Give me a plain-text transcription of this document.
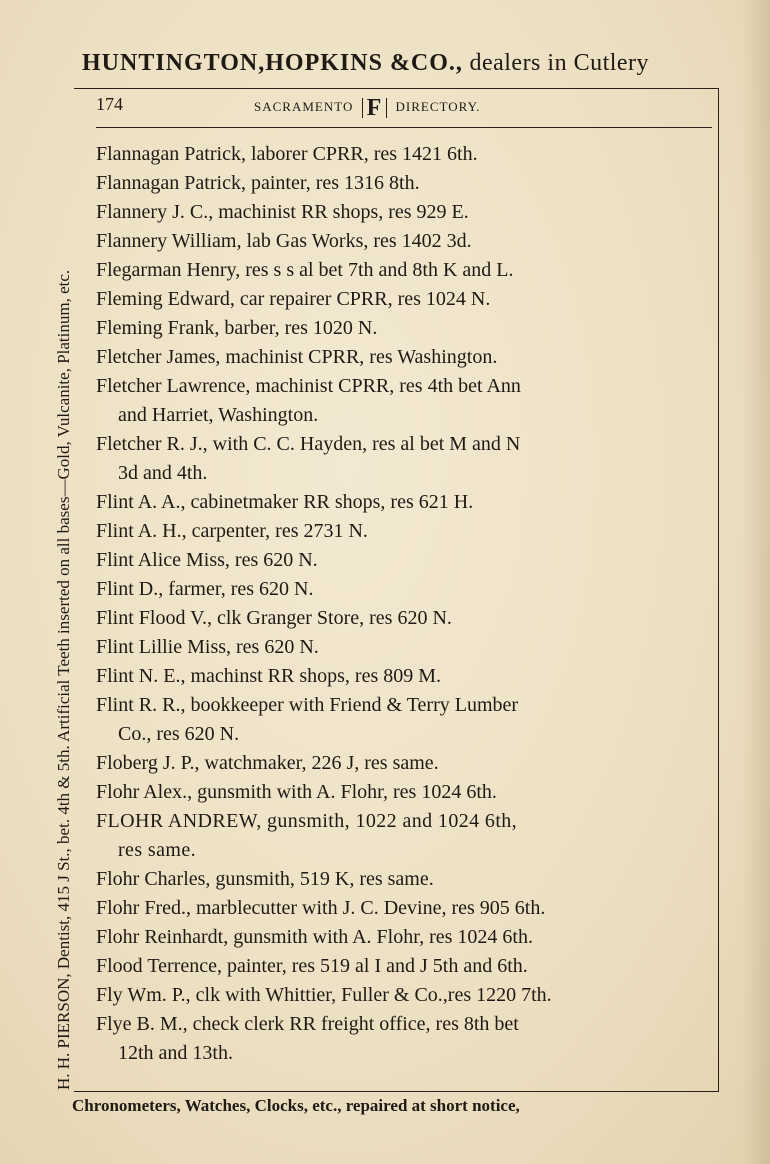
HUNTINGTON,HOPKINS &CO., dealers in Cutlery
H. H. PIERSON, Dentist, 415 J St., bet. 4th & 5th. Artificial Teeth inserted on all bases—Gold, Vulcanite, Platinum, etc.
174	SACRAMENTO F DIRECTORY.
Flannagan Patrick, laborer CPRR, res 1421 6th.
Flannagan Patrick, painter, res 1316 8th.
Flannery J. C., machinist RR shops, res 929 E.
Flannery William, lab Gas Works, res 1402 3d.
Flegarman Henry, res s s al bet 7th and 8th K and L.
Fleming Edward, car repairer CPRR, res 1024 N.
Fleming Frank, barber, res 1020 N.
Fletcher James, machinist CPRR, res Washington.
Fletcher Lawrence, machinist CPRR, res 4th bet Ann
and Harriet, Washington.
Fletcher R. J., with C. C. Hayden, res al bet M and N
3d and 4th.
Flint A. A., cabinetmaker RR shops, res 621 H.
Flint A. H., carpenter, res 2731 N.
Flint Alice Miss, res 620 N.
Flint D., farmer, res 620 N.
Flint Flood V., clk Granger Store, res 620 N.
Flint Lillie Miss, res 620 N.
Flint N. E., machinst RR shops, res 809 M.
Flint R. R., bookkeeper with Friend & Terry Lumber
Co., res 620 N.
Floberg J. P., watchmaker, 226 J, res same.
Flohr Alex., gunsmith with A. Flohr, res 1024 6th.
FLOHR ANDREW, gunsmith, 1022 and 1024 6th,
res same.
Flohr Charles, gunsmith, 519 K, res same.
Flohr Fred., marblecutter with J. C. Devine, res 905 6th.
Flohr Reinhardt, gunsmith with A. Flohr, res 1024 6th.
Flood Terrence, painter, res 519 al I and J 5th and 6th.
Fly Wm. P., clk with Whittier, Fuller & Co.,res 1220 7th.
Flye B. M., check clerk RR freight office, res 8th bet
12th and 13th.
Chronometers, Watches, Clocks, etc., repaired at short notice,
